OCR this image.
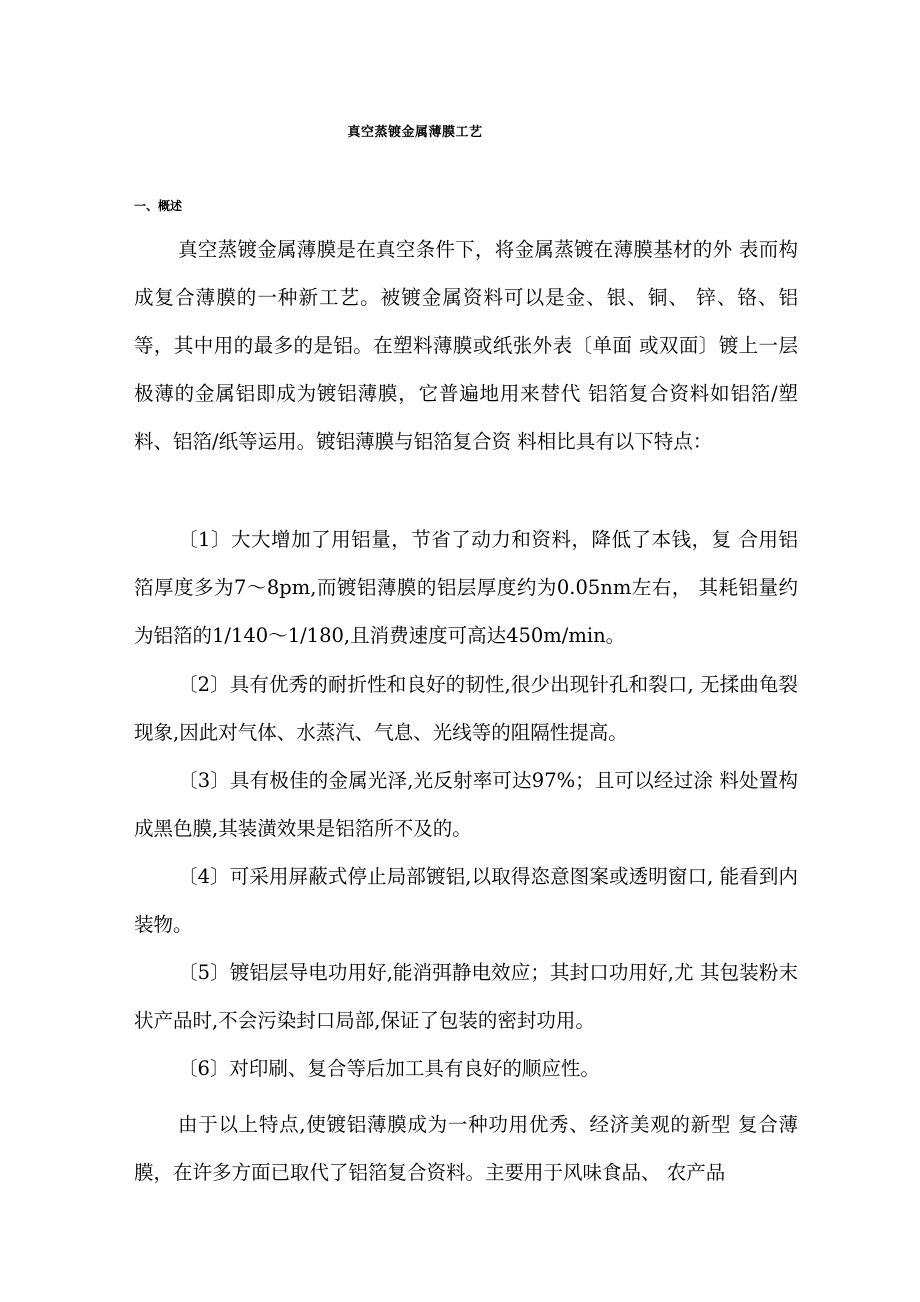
真空蒸镀金属薄膜工艺
一、概述

真空蒸镀金属薄膜是在真空条件下，将金属蒸镀在薄膜基材的外 表而构成复合薄膜的一种新工艺。被镀金属资料可以是金、银、铜、 锌、铬、铝等，其中用的最多的是铝。在塑料薄膜或纸张外表〔单面 或双面〕镀上一层极薄的金属铝即成为镀铝薄膜，它普遍地用来替代 铝箔复合资料如铝箔/塑料、铝箔/纸等运用。镀铝薄膜与铝箔复合资 料相比具有以下特点：

〔1〕大大增加了用铝量，节省了动力和资料，降低了本钱，复 合用铝箔厚度多为7〜8pm,而镀铝薄膜的铝层厚度约为0.05nm左右， 其耗铝量约为铝箔的1/140〜1/180,且消费速度可高达450m/min。

〔2〕具有优秀的耐折性和良好的韧性,很少出现针孔和裂口, 无揉曲龟裂现象,因此对气体、水蒸汽、气息、光线等的阻隔性提高。

〔3〕具有极佳的金属光泽,光反射率可达97%；且可以经过涂 料处置构成黑色膜,其装潢效果是铝箔所不及的。

〔4〕可采用屏蔽式停止局部镀铝,以取得恣意图案或透明窗口, 能看到内装物。

〔5〕镀铝层导电功用好,能消弭静电效应；其封口功用好,尤 其包装粉末状产品时,不会污染封口局部,保证了包装的密封功用。

〔6〕对印刷、复合等后加工具有良好的顺应性。

由于以上特点,使镀铝薄膜成为一种功用优秀、经济美观的新型 复合薄膜，在许多方面已取代了铝箔复合资料。主要用于风味食品、 农产品
